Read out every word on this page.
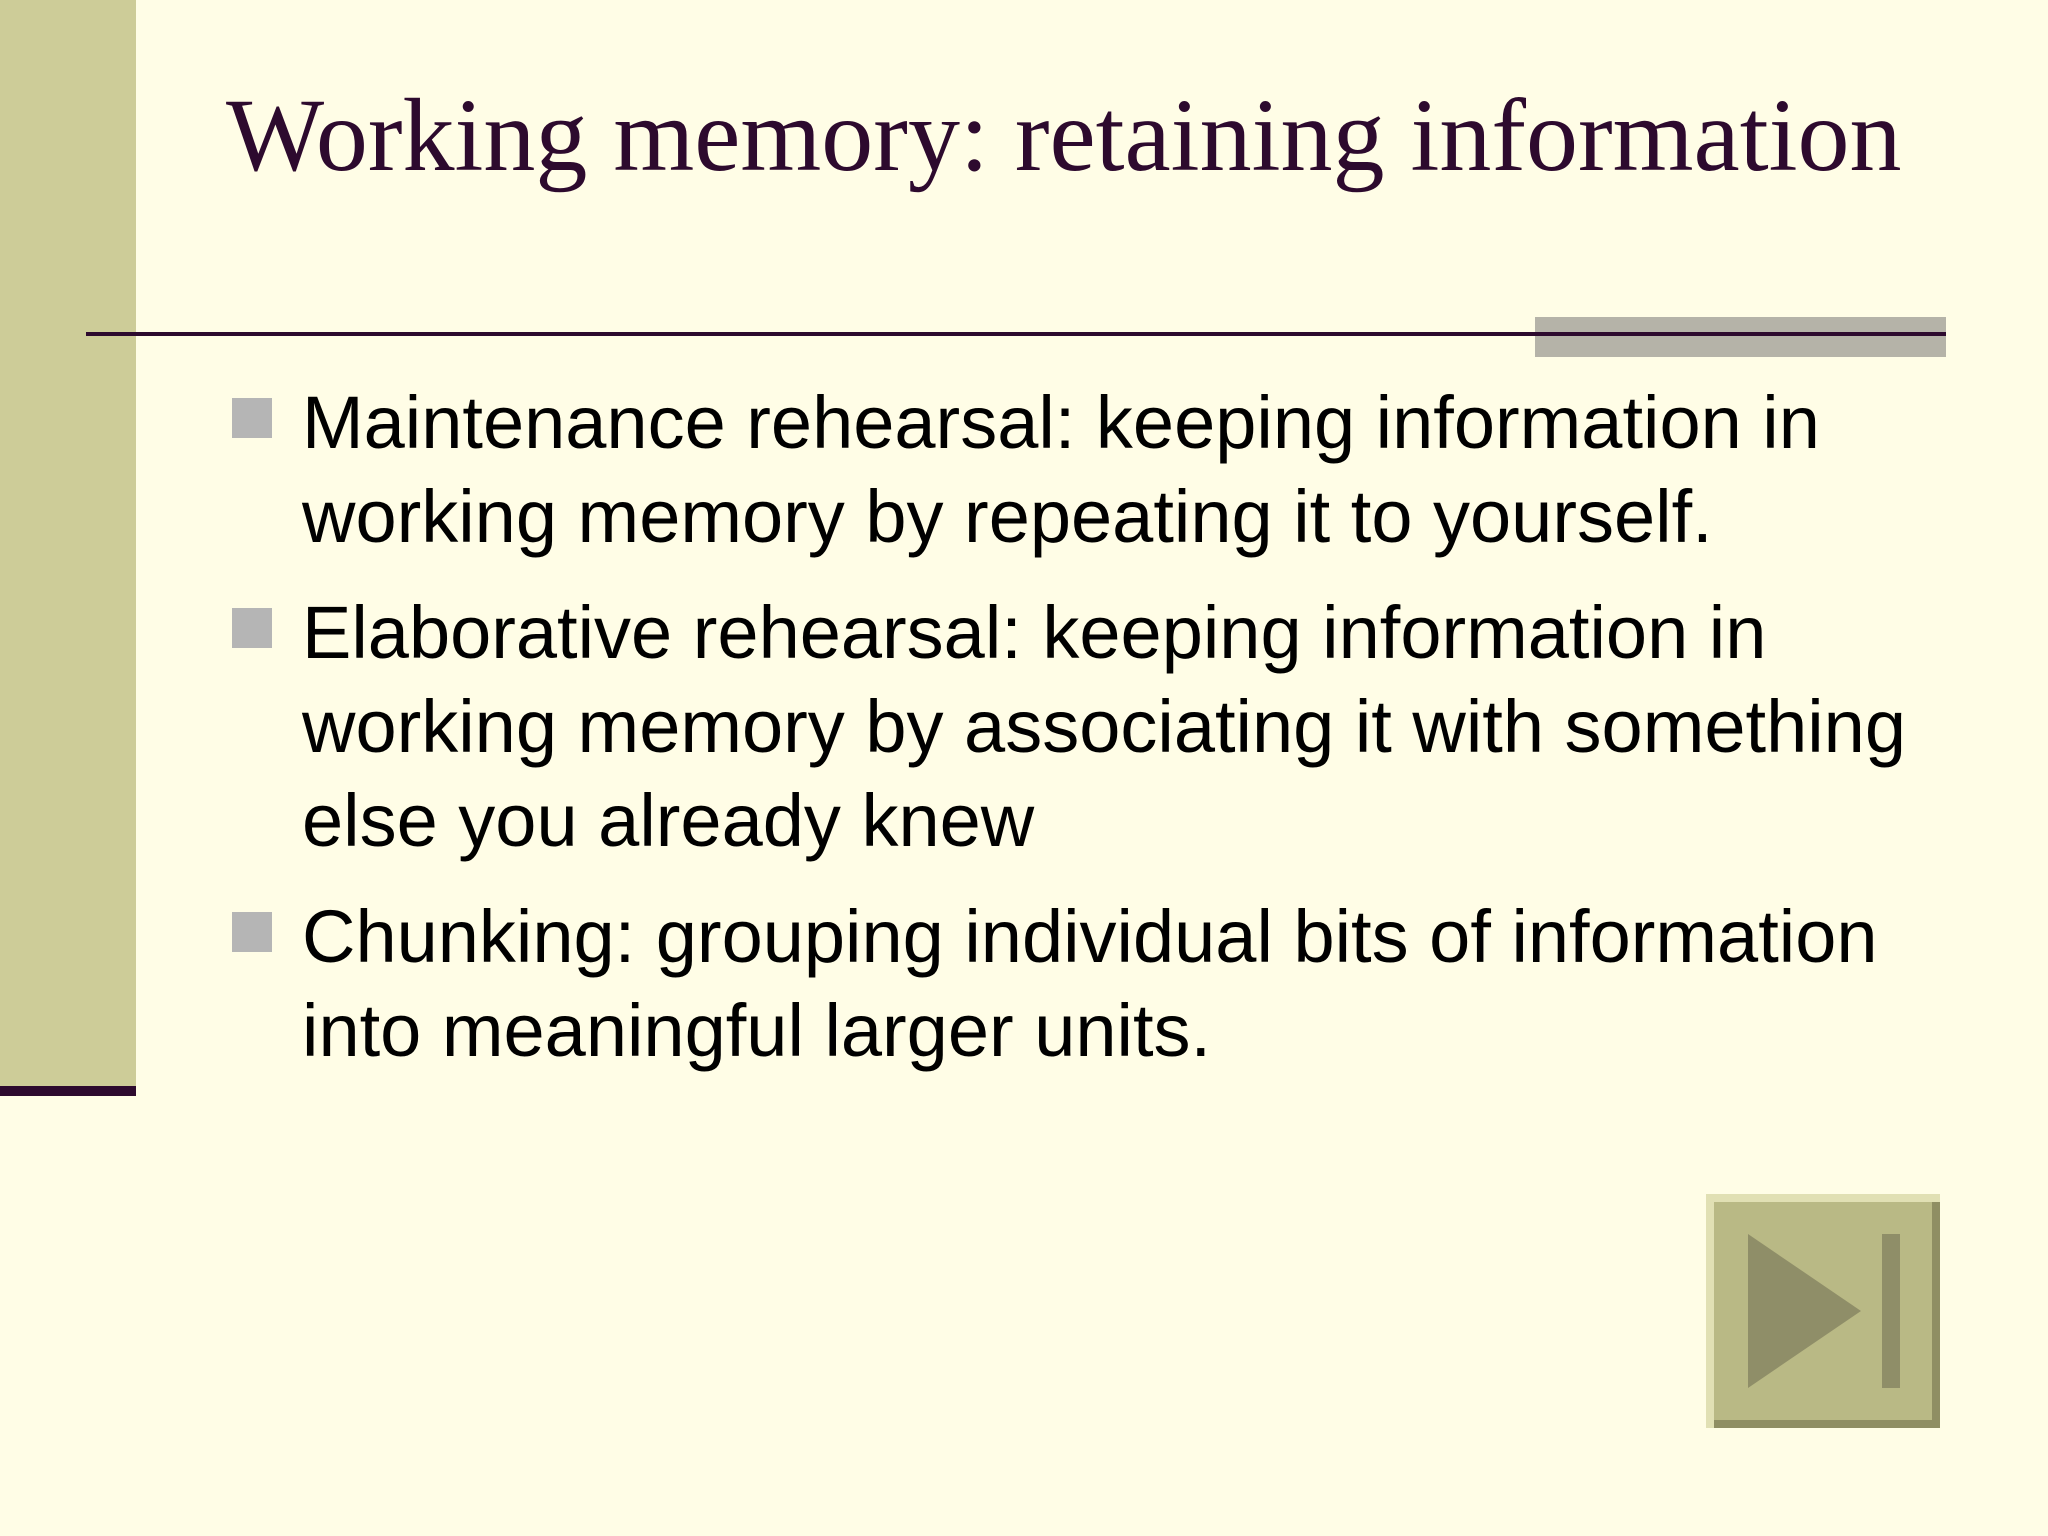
Working memory: retaining information
Maintenance rehearsal: keeping information in working memory by repeating it to yourself.
Elaborative rehearsal: keeping information in working memory by associating it with something else you already knew
Chunking: grouping individual bits of information into meaningful larger units.
